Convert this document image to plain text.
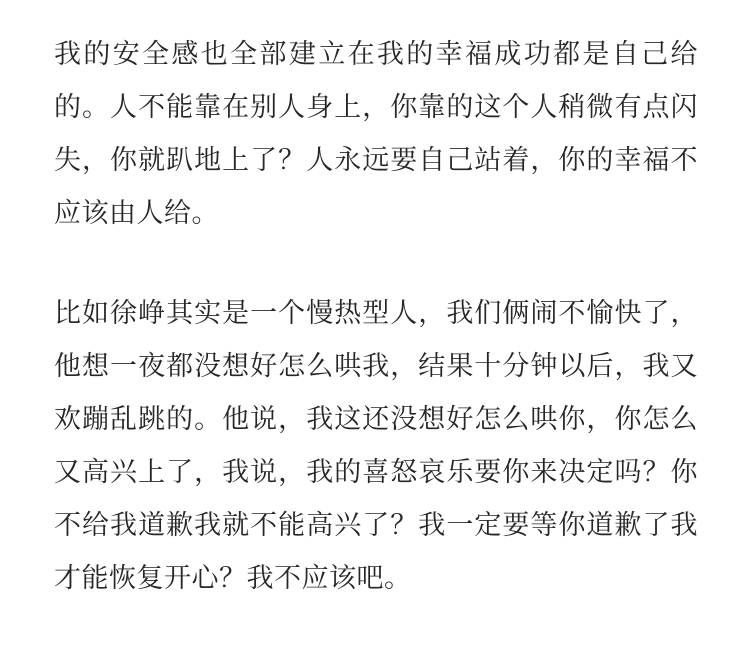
我的安全感也全部建立在我的幸福成功都是自己给的。人不能靠在别人身上，你靠的这个人稍微有点闪失，你就趴地上了？人永远要自己站着，你的幸福不应该由人给。

比如徐峥其实是一个慢热型人，我们俩闹不愉快了，他想一夜都没想好怎么哄我，结果十分钟以后，我又欢蹦乱跳的。他说，我这还没想好怎么哄你，你怎么又高兴上了，我说，我的喜怒哀乐要你来决定吗？你不给我道歉我就不能高兴了？我一定要等你道歉了我才能恢复开心？我不应该吧。
